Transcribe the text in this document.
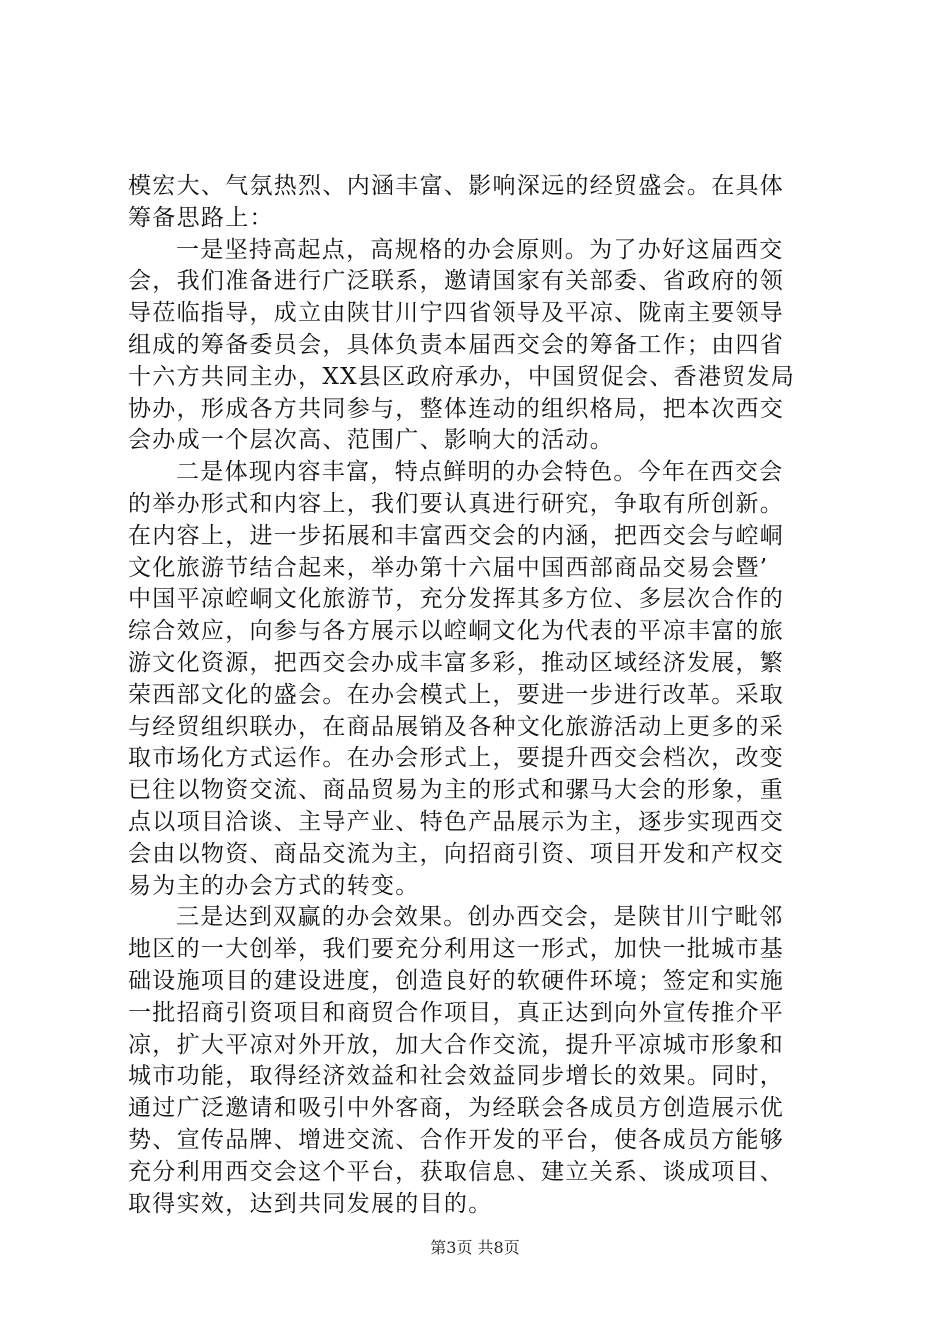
模宏大、气氛热烈、内涵丰富、影响深远的经贸盛会。在具体
筹备思路上：
一是坚持高起点，高规格的办会原则。为了办好这届西交
会，我们准备进行广泛联系，邀请国家有关部委、省政府的领
导莅临指导，成立由陕甘川宁四省领导及平凉、陇南主要领导
组成的筹备委员会，具体负责本届西交会的筹备工作；由四省
十六方共同主办，XX县区政府承办，中国贸促会、香港贸发局
协办，形成各方共同参与，整体连动的组织格局，把本次西交
会办成一个层次高、范围广、影响大的活动。
二是体现内容丰富，特点鲜明的办会特色。今年在西交会
的举办形式和内容上，我们要认真进行研究，争取有所创新。
在内容上，进一步拓展和丰富西交会的内涵，把西交会与崆峒
文化旅游节结合起来，举办第十六届中国西部商品交易会暨’
中国平凉崆峒文化旅游节，充分发挥其多方位、多层次合作的
综合效应，向参与各方展示以崆峒文化为代表的平凉丰富的旅
游文化资源，把西交会办成丰富多彩，推动区域经济发展，繁
荣西部文化的盛会。在办会模式上，要进一步进行改革。采取
与经贸组织联办，在商品展销及各种文化旅游活动上更多的采
取市场化方式运作。在办会形式上，要提升西交会档次，改变
已往以物资交流、商品贸易为主的形式和骡马大会的形象，重
点以项目洽谈、主导产业、特色产品展示为主，逐步实现西交
会由以物资、商品交流为主，向招商引资、项目开发和产权交
易为主的办会方式的转变。
三是达到双赢的办会效果。创办西交会，是陕甘川宁毗邻
地区的一大创举，我们要充分利用这一形式，加快一批城市基
础设施项目的建设进度，创造良好的软硬件环境；签定和实施
一批招商引资项目和商贸合作项目，真正达到向外宣传推介平
凉，扩大平凉对外开放，加大合作交流，提升平凉城市形象和
城市功能，取得经济效益和社会效益同步增长的效果。同时，
通过广泛邀请和吸引中外客商，为经联会各成员方创造展示优
势、宣传品牌、增进交流、合作开发的平台，使各成员方能够
充分利用西交会这个平台，获取信息、建立关系、谈成项目、
取得实效，达到共同发展的目的。
第3页 共8页
